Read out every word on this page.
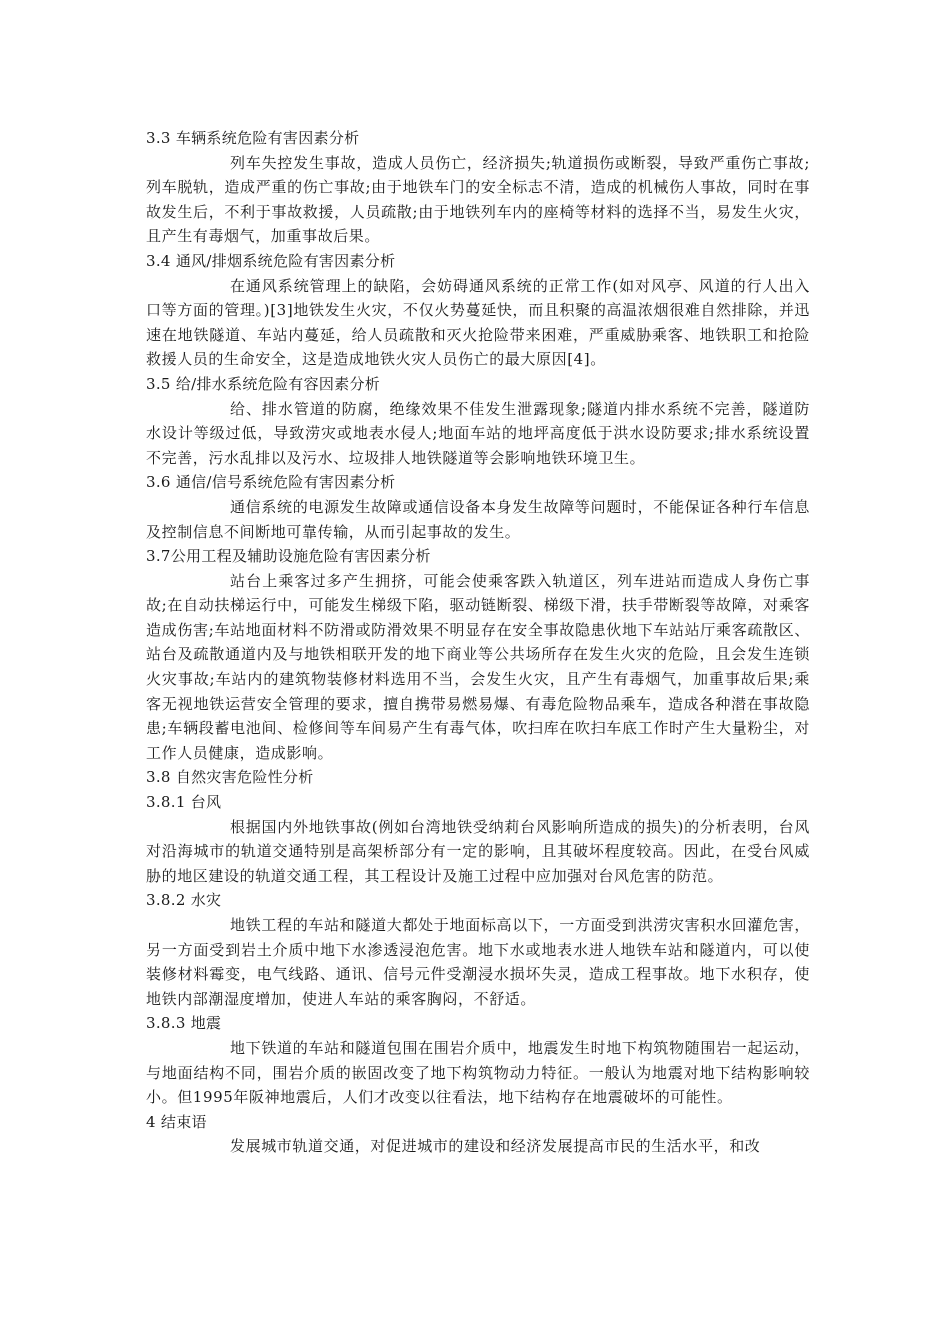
3.3 车辆系统危险有害因素分析

列车失控发生事故，造成人员伤亡，经济损失;轨道损伤或断裂，导致严重伤亡事故;列车脱轨，造成严重的伤亡事故;由于地铁车门的安全标志不清，造成的机械伤人事故，同时在事故发生后，不利于事故救援，人员疏散;由于地铁列车内的座椅等材料的选择不当，易发生火灾，且产生有毒烟气，加重事故后果。

3.4 通风/排烟系统危险有害因素分析

在通风系统管理上的缺陷，会妨碍通风系统的正常工作(如对风亭、风道的行人出入口等方面的管理。)[3]地铁发生火灾，不仅火势蔓延快，而且积聚的高温浓烟很难自然排除，并迅速在地铁隧道、车站内蔓延，给人员疏散和灭火抢险带来困难，严重威胁乘客、地铁职工和抢险救援人员的生命安全，这是造成地铁火灾人员伤亡的最大原因[4]。

3.5 给/排水系统危险有容因素分析

给、排水管道的防腐，绝缘效果不佳发生泄露现象;隧道内排水系统不完善，隧道防水设计等级过低，导致涝灾或地表水侵人;地面车站的地坪高度低于洪水设防要求;排水系统设置不完善，污水乱排以及污水、垃圾排人地铁隧道等会影响地铁环境卫生。

3.6 通信/信号系统危险有害因素分析

通信系统的电源发生故障或通信设备本身发生故障等问题时，不能保证各种行车信息及控制信息不间断地可靠传输，从而引起事故的发生。

3.7公用工程及辅助设施危险有害因素分析

站台上乘客过多产生拥挤，可能会使乘客跌入轨道区，列车进站而造成人身伤亡事故;在自动扶梯运行中，可能发生梯级下陷，驱动链断裂、梯级下滑，扶手带断裂等故障，对乘客造成伤害;车站地面材料不防滑或防滑效果不明显存在安全事故隐患伙地下车站站厅乘客疏散区、站台及疏散通道内及与地铁相联开发的地下商业等公共场所存在发生火灾的危险，且会发生连锁火灾事故;车站内的建筑物装修材料选用不当，会发生火灾，且产生有毒烟气，加重事故后果;乘客无视地铁运营安全管理的要求，擅自携带易燃易爆、有毒危险物品乘车，造成各种潜在事故隐患;车辆段蓄电池间、检修间等车间易产生有毒气体，吹扫库在吹扫车底工作时产生大量粉尘，对工作人员健康，造成影响。

3.8 自然灾害危险性分析

3.8.1 台风

根据国内外地铁事故(例如台湾地铁受纳莉台风影响所造成的损失)的分析表明，台风对沿海城市的轨道交通特别是高架桥部分有一定的影响，且其破坏程度较高。因此，在受台风威胁的地区建设的轨道交通工程，其工程设计及施工过程中应加强对台风危害的防范。

3.8.2 水灾

地铁工程的车站和隧道大都处于地面标高以下，一方面受到洪涝灾害积水回灌危害，另一方面受到岩土介质中地下水渗透浸泡危害。地下水或地表水进人地铁车站和隧道内，可以使装修材料霉变，电气线路、通讯、信号元件受潮浸水损坏失灵，造成工程事故。地下水积存，使地铁内部潮湿度增加，使进人车站的乘客胸闷，不舒适。

3.8.3 地震

地下铁道的车站和隧道包围在围岩介质中，地震发生时地下构筑物随围岩一起运动，与地面结构不同，围岩介质的嵌固改变了地下构筑物动力特征。一般认为地震对地下结构影响较小。但1995年阪神地震后，人们才改变以往看法，地下结构存在地震破坏的可能性。

4 结束语

发展城市轨道交通，对促进城市的建设和经济发展提高市民的生活水平，和改
